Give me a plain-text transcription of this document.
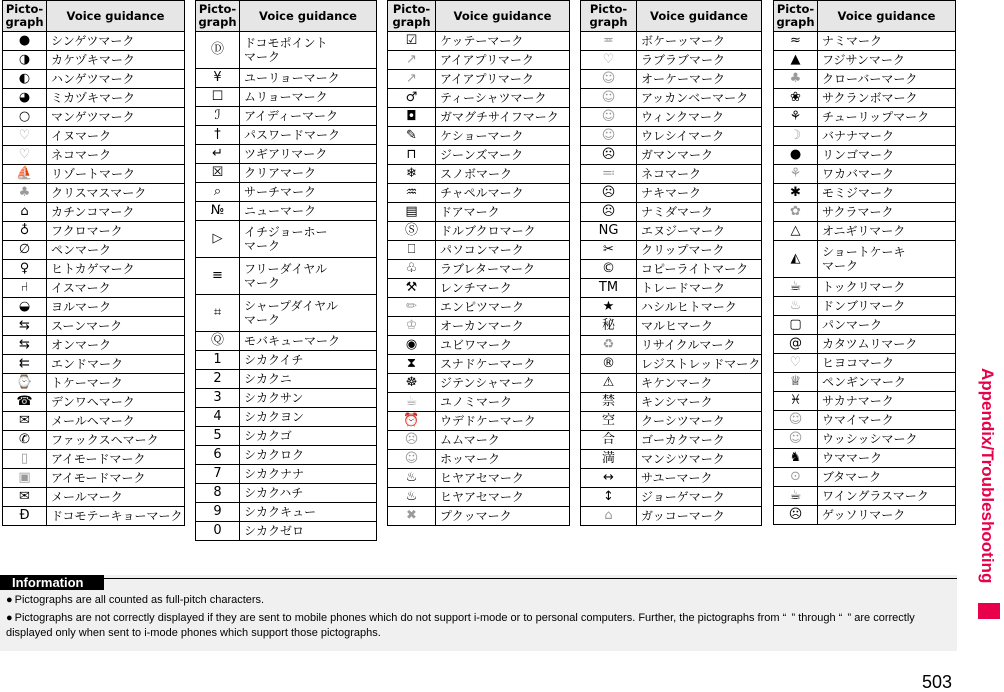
Picto-
graph	Voice guidance
●	シンゲツマーク
◑	カケヅキマーク
◐	ハンゲツマーク
◕	ミカヅキマーク
○	マンゲツマーク
♡	イヌマーク
♡	ネコマーク
⛵	リゾートマーク
♣	クリスマスマーク
⌂	カチンコマーク
♁	フクロマーク
∅	ペンマーク
♀	ヒトカゲマーク
⑁	イスマーク
◒	ヨルマーク
⇆	スーンマーク
⇆	オンマーク
⇇	エンドマーク
⌚	トケーマーク
☎	デンワヘマーク
✉	メールヘマーク
✆	ファックスヘマーク
▯	アイモードマーク
▣	アイモードマーク
✉	メールマーク
Đ	ドコモテーキョーマーク
Picto-
graph	Voice guidance
Ⓓ	ドコモポイント
マーク
¥	ユーリョーマーク
☐	ムリョーマーク
ℐ	アイディーマーク
†	パスワードマーク
↵	ツギアリマーク
☒	クリアマーク
⌕	サーチマーク
№	ニューマーク
▷	イチジョーホー
マーク
≡	フリーダイヤル
マーク
⌗	シャープダイヤル
マーク
Ⓠ	モバキューマーク
1	シカクイチ
2	シカクニ
3	シカクサン
4	シカクヨン
5	シカクゴ
6	シカクロク
7	シカクナナ
8	シカクハチ
9	シカクキュー
0	シカクゼロ
Picto-
graph	Voice guidance
☑	ケッテーマーク
↗	アイアプリマーク
↗	アイアプリマーク
♂	ティーシャツマーク
◘	ガマグチサイフマーク
✎	ケショーマーク
⊓	ジーンズマーク
❄	スノボマーク
♒	チャペルマーク
▤	ドアマーク
Ⓢ	ドルブクロマーク
⎕	パソコンマーク
♧	ラブレターマーク
⚒	レンチマーク
✏	エンピツマーク
♔	オーカンマーク
◉	ユビワマーク
⧗	スナドケーマーク
☸	ジテンシャマーク
☕	ユノミマーク
⏰	ウデドケーマーク
☹	ムムマーク
☺	ホッマーク
♨	ヒヤアセマーク
♨	ヒヤアセマーク
✖	プクッマーク
Picto-
graph	Voice guidance
≖	ボケーッマーク
♡	ラブラブマーク
☺	オーケーマーク
☺	アッカンベーマーク
☺	ウィンクマーク
☺	ウレシイマーク
☹	ガマンマーク
≕	ネコマーク
☹	ナキマーク
☹	ナミダマーク
NG	エヌジーマーク
✂	クリップマーク
©	コピーライトマーク
TM	トレードマーク
★	ハシルヒトマーク
秘	マルヒマーク
♻	リサイクルマーク
®	レジストレッドマーク
⚠	キケンマーク
禁	キンシマーク
空	クーシツマーク
合	ゴーカクマーク
満	マンシツマーク
↔	サユーマーク
↕	ジョーゲマーク
⌂	ガッコーマーク
Picto-
graph	Voice guidance
≈	ナミマーク
▲	フジサンマーク
♣	クローバーマーク
❀	サクランボマーク
⚘	チューリップマーク
☽	バナナマーク
●	リンゴマーク
⚘	ワカバマーク
✱	モミジマーク
✿	サクラマーク
△	オニギリマーク
◭	ショートケーキ
マーク
☕	トックリマーク
♨	ドンブリマーク
▢	パンマーク
@	カタツムリマーク
♡	ヒヨコマーク
♕	ペンギンマーク
♓	サカナマーク
☺	ウマイマーク
☺	ウッシッシマーク
♞	ウママーク
⊙	ブタマーク
☕	ワイングラスマーク
☹	ゲッソリマーク	Appendix/Troubleshooting
Information
● Pictographs are all counted as full-pitch characters.
● Pictographs are not correctly displayed if they are sent to mobile phones which do not support i-mode or to personal computers. Further, the pictographs from “  ” through “  ” are correctly displayed only when sent to i-mode phones which support those pictographs.
503
